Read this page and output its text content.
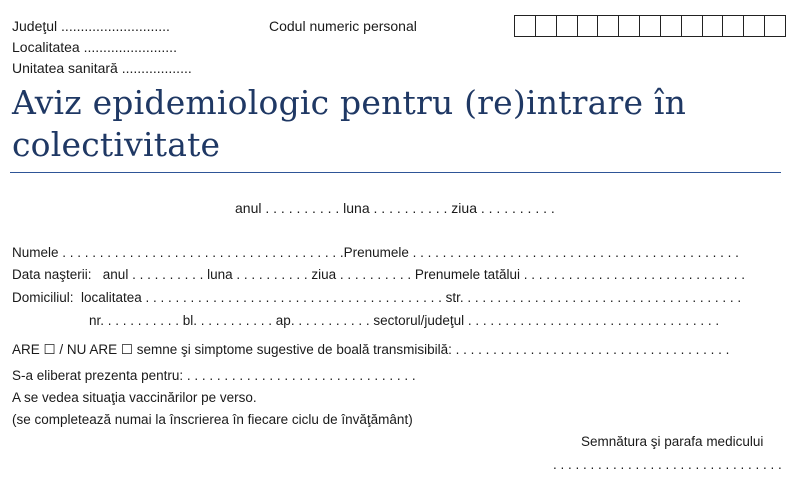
Judeţul ............................
Localitatea ........................
Unitatea sanitară ..................
Codul numeric personal
Aviz epidemiologic pentru (re)intrare în
colectivitate
anul . . . . . . . . . . luna . . . . . . . . . . ziua . . . . . . . . . .
Numele . . . . . . . . . . . . . . . . . . . . . . . . . . . . . . . . . . . . . .Prenumele . . . . . . . . . . . . . . . . . . . . . . . . . . . . . . . . . . . . . . . . . . . .
Data naşterii:   anul . . . . . . . . . . luna . . . . . . . . . . ziua . . . . . . . . . . Prenumele tatălui . . . . . . . . . . . . . . . . . . . . . . . . . . . . . .
Domiciliul:  localitatea . . . . . . . . . . . . . . . . . . . . . . . . . . . . . . . . . . . . . . . . str. . . . . . . . . . . . . . . . . . . . . . . . . . . . . . . . . . . . . .
nr. . . . . . . . . . . bl. . . . . . . . . . . ap. . . . . . . . . . . sectorul/judeţul . . . . . . . . . . . . . . . . . . . . . . . . . . . . . . . . . .
ARE ☐ / NU ARE ☐ semne şi simptome sugestive de boală transmisibilă: . . . . . . . . . . . . . . . . . . . . . . . . . . . . . . . . . . . . .
S-a eliberat prezenta pentru: . . . . . . . . . . . . . . . . . . . . . . . . . . . . . . .
A se vedea situaţia vaccinărilor pe verso.
(se completează numai la înscrierea în fiecare ciclu de învăţământ)
Semnătura şi parafa medicului
. . . . . . . . . . . . . . . . . . . . . . . . . . . . . . .
